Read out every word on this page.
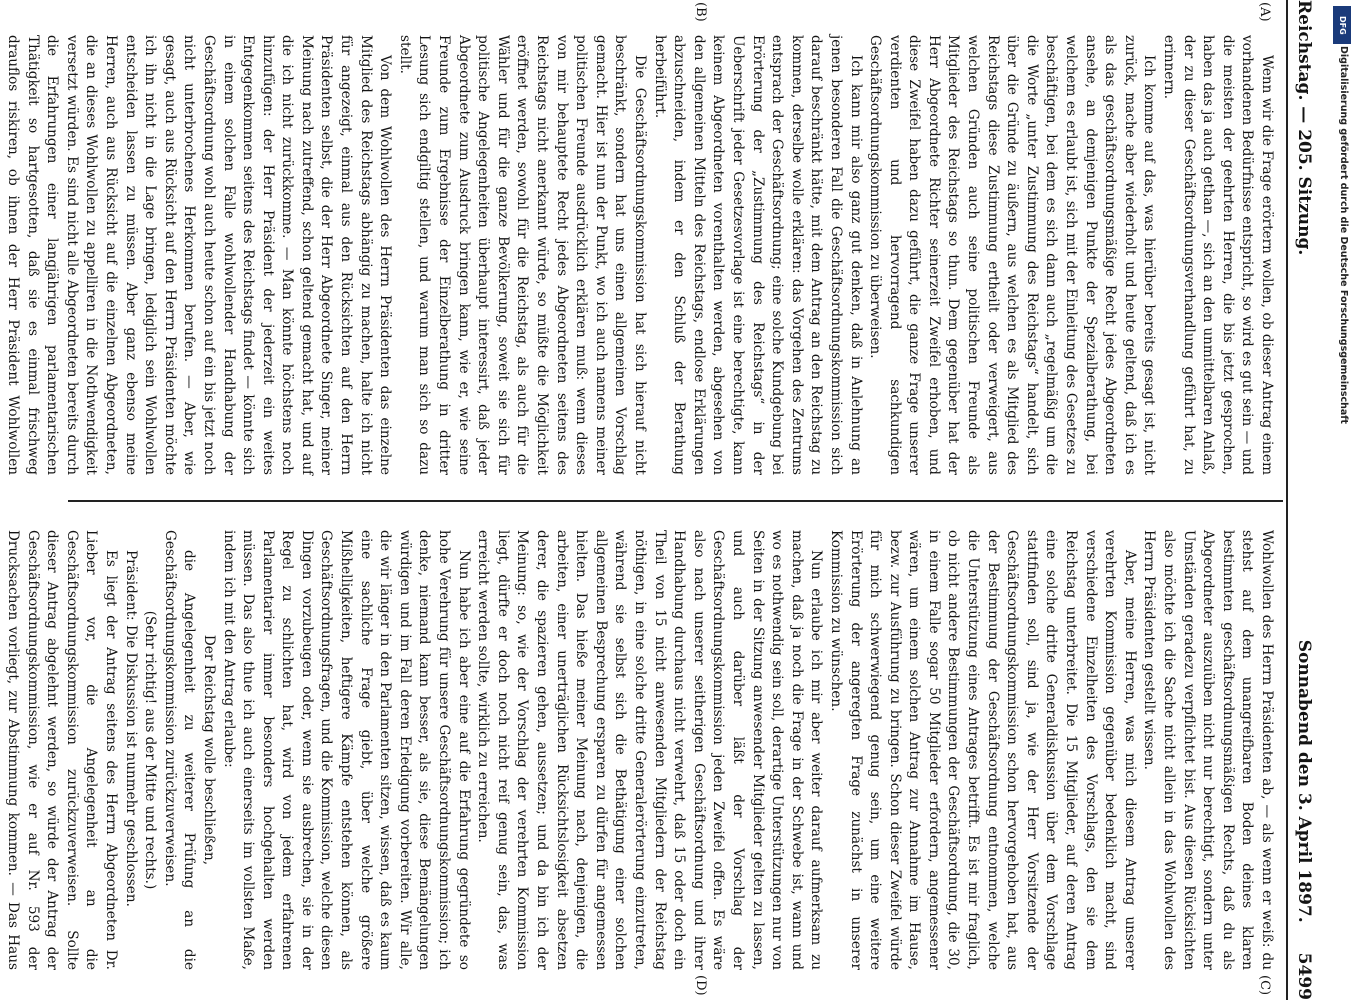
Reichstag. — 205. Sitzung.
Sonnabend den 3. April 1897.
5499
(A)
(B)
(C)
(D)

Wenn wir die Frage erörtern wollen, ob dieser Antrag einem vorhandenen Bedürfnisse entspricht, so wird es gut sein — und die meisten der geehrten Herren, die bis jetzt gesprochen, haben das ja auch gethan —, sich an den unmittelbaren Anlaß, der zu dieser Geschäftsordnungsverhandlung geführt hat, zu erinnern.

Ich komme auf das, was hierüber bereits gesagt ist, nicht zurück, mache aber wiederholt und heute geltend, daß ich es als das geschäftsordnungsmäßige Recht jedes Abgeordneten ansehe, an demjenigen Punkte der Spezialberathung, bei welchem es erlaubt ist, sich mit der Einleitung des Gesetzes zu beschäftigen, bei dem es sich dann auch „regelmäßig um die die Worte „unter Zustimmung des Reichstags“ handelt, sich über die Gründe zu äußern, aus welchen es als Mitglied des Reichstags diese Zustimmung ertheilt oder verweigert, aus welchen Gründen auch seine politischen Freunde als Mitglieder des Reichstags so thun. Dem gegenüber hat der Herr Abgeordnete Richter seinerzeit Zweifel erhoben, und diese Zweifel haben dazu geführt, die ganze Frage unserer verdienten und hervorragend sachkundigen Geschäftsordnungskommission zu überweisen.

Ich kann mir also ganz gut denken, daß in Anlehnung an jenen besonderen Fall die Geschäftsordnungskommission sich darauf beschränkt hätte, mit dem Antrag an den Reichstag zu kommen, derselbe wolle erklären: das Vorgehen des Zentrums entsprach der Geschäftsordnung; eine solche Kundgebung bei Erörterung der „Zustimmung des Reichstags“ in der Ueberschrift jeder Gesetzesvorlage ist eine berechtigte, kann keinem Abgeordneten vorenthalten werden, abgesehen von den allgemeinen Mitteln des Reichstags, endlose Erklärungen abzuschneiden, indem er den Schluß der Berathung herbeiführt.

Die Geschäftsordnungskommission hat sich hierauf nicht beschränkt, sondern hat uns einen allgemeinen Vorschlag gemacht. Hier ist nun der Punkt, wo ich auch namens meiner politischen Freunde ausdrücklich erklären muß: wenn dieses von mir behauptete Recht jedes Abgeordneten seitens des Reichstags nicht anerkannt würde, so müßte die Möglichkeit eröffnet werden, sowohl für die Reichstag, als auch für die Wähler und für die ganze Bevölkerung, soweit sie sich für politische Angelegenheiten überhaupt interessirt, daß jeder Abgeordnete zum Ausdruck bringen kann, wie er, wie seine Freunde zum Ergebnisse der Einzelberathung in dritter Lesung sich endgiltig stellen, und warum man sich so dazu stellt.

Von dem Wohlwollen des Herrn Präsidenten das einzelne Mitglied des Reichstags abhängig zu machen, halte ich nicht für angezeigt, einmal aus den Rücksichten auf den Herrn Präsidenten selbst, die der Herr Abgeordnete Singer, meiner Meinung nach zutreffend, schon geltend gemacht hat, und auf die ich nicht zurückkomme. — Man könnte höchstens noch hinzufügen: der Herr Präsident der jederzeit ein weites Entgegenkommen seitens des Reichstags findet — könnte sich in einem solchen Falle wohlwollender Handhabung der Geschäftsordnung wohl auch heute schon auf ein bis jetzt noch nicht unterbrochenes Herkommen berufen. — Aber, wie gesagt, auch aus Rücksicht auf den Herrn Präsidenten möchte ich ihn nicht in die Lage bringen, lediglich sein Wohlwollen entscheiden lassen zu müssen. Aber ganz ebenso meine Herren, auch aus Rücksicht auf die einzelnen Abgeordneten, die an dieses Wohlwollen zu appelliren in die Nothwendigkeit versetzt würden. Es sind nicht alle Abgeordneten bereits durch die Erfahrungen einer langjährigen parlamentarischen Thätigkeit so hartgesotten, daß sie es einmal frischweg drauflos riskiren, ob ihnen der Herr Präsident Wohlwollen

Wohlwollen des Herrn Präsidenten ab, — als wenn er weiß: du stehst auf dem unangreifbaren Boden deines klaren bestimmten geschäftsordnungsmäßigen Rechts, daß du als Abgeordneter auszuüben nicht nur berechtigt, sondern unter Umständen geradezu verpflichtet bist. Aus diesen Rücksichten also möchte ich die Sache nicht allein in das Wohlwollen des Herrn Präsidenten gestellt wissen.

Aber, meine Herren, was mich diesem Antrag unserer verehrten Kommission gegenüber bedenklich macht, sind verschiedene Einzelheiten des Vorschlags, den sie dem Reichstag unterbreitet. Die 15 Mitglieder, auf deren Antrag eine solche dritte Generaldiskussion über dem Vorschlage stattfinden soll, sind ja, wie der Herr Vorsitzende der Geschäftsordnungskommission schon hervorgehoben hat, aus der Bestimmung der Geschäftsordnung entnommen, welche die Unterstützung eines Antrages betrifft. Es ist mir fraglich, ob nicht andere Bestimmungen der Geschäftsordnung, die 30, in einem Falle sogar 50 Mitglieder erfordern, angemessener wären, um einem solchen Antrag zur Annahme im Hause, bezw. zur Ausführung zu bringen. Schon dieser Zweifel würde für mich schwerwiegend genug sein, um eine weitere Erörterung der angeregten Frage zunächst in unserer Kommission zu wünschen.

Nun erlaube ich mir aber weiter darauf aufmerksam zu machen, daß ja noch die Frage in der Schwebe ist, wann und wo es nothwendig sein soll, derartige Unterstützungen nur von Seiten in der Sitzung anwesender Mitglieder gelten zu lassen, und auch darüber läßt der Vorschlag der Geschäftsordnungskommission jeden Zweifel offen. Es wäre also nach unserer seitherigen Geschäftsordnung und ihrer Handhabung durchaus nicht verwehrt, daß 15 oder doch ein Theil von 15 nicht anwesenden Mitgliedern der Reichstag nöthigen, in eine solche dritte Generalerörterung einzutreten, während sie selbst sich die Bethätigung einer solchen allgemeinen Besprechung ersparen zu dürfen für angemessen hielten. Das hieße meiner Meinung nach, denjenigen, die arbeiten, einer unerträglichen Rücksichtslosigkeit absetzen derer, die spazieren gehen, aussetzen; und da bin ich der Meinung: so, wie der Vorschlag der verehrten Kommission liegt, dürfte er doch noch nicht reif genug sein, das, was erreicht werden sollte, wirklich zu erreichen.

Nun habe ich aber eine auf die Erfahrung gegründete so hohe Verehrung für unsere Geschäftsordnungskommission; ich denke, niemand kann besser, als sie, diese Bemängelungen würdigen und im Fall deren Erledigung vorbereiten. Wir alle, die wir länger in den Parlamenten sitzen, wissen, daß es kaum eine sachliche Frage giebt, über welche größere Mißhelligkeiten, heftigere Kämpfe entstehen können, als Geschäftsordnungsfragen, und die Kommission, welche diesen Dingen vorzubeugen oder, wenn sie ausbrechen, sie in der Regel zu schlichten hat, wird von jedem erfahrenen Parlamentarier immer besonders hochgehalten werden müssen. Das also thue ich auch einerseits im vollsten Maße, indem ich mit den Antrag erlaube:

Der Reichstag wolle beschließen,

die Angelegenheit zu weiterer Prüfung an die Geschäftsordnungskommission zurückzuverweisen.

(Sehr richtig! aus der Mitte und rechts.)

Präsident: Die Diskussion ist nunmehr geschlossen.

Es liegt der Antrag seitens des Herrn Abgeordneten Dr. Lieber vor, die Angelegenheit an die Geschäftsordnungskommission zurückzuverweisen. Sollte dieser Antrag abgelehnt werden, so würde der Antrag der Geschäftsordnungskommission, wie er auf Nr. 593 der Drucksachen vorliegt, zur Abstimmung kommen. — Das Haus

DFG
Digitalisierung gefördert durch die Deutsche Forschungsgemeinschaft
